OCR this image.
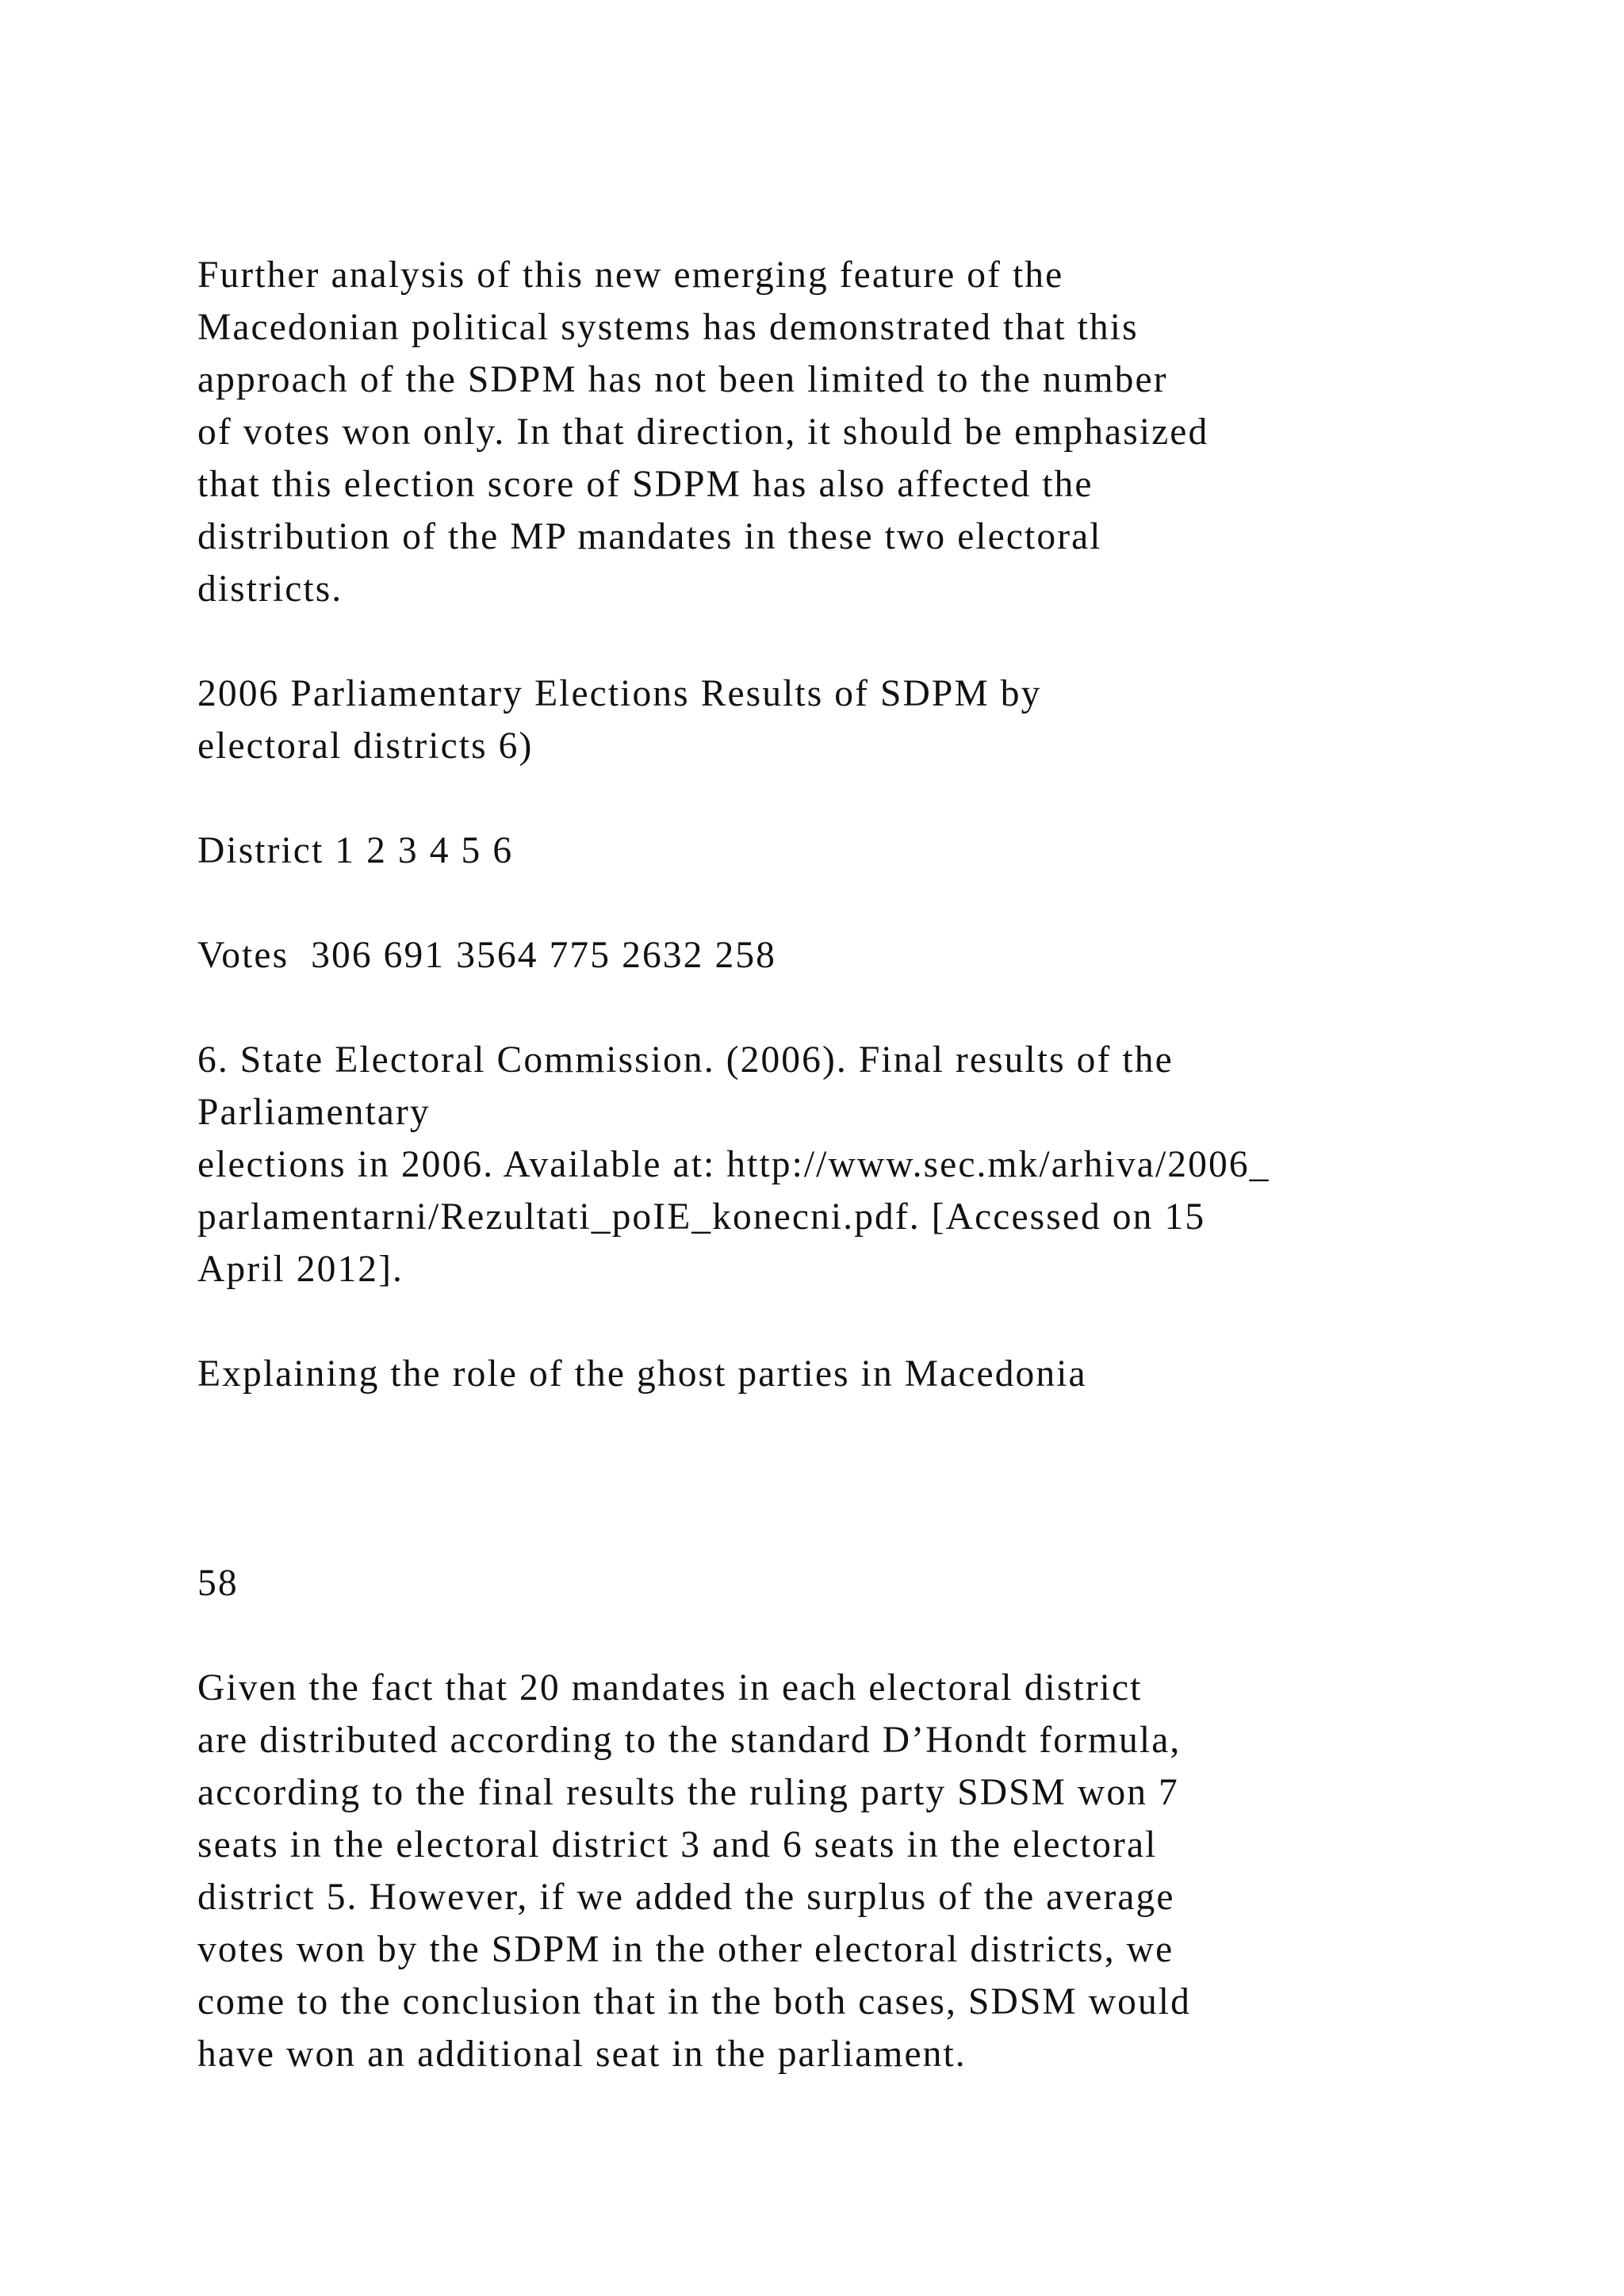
Further analysis of this new emerging feature of the

Macedonian political systems has demonstrated that this

approach of the SDPM has not been limited to the number

of votes won only. In that direction, it should be emphasized

that this election score of SDPM has also affected the

distribution of the MP mandates in these two electoral

districts.

2006 Parliamentary Elections Results of SDPM by

electoral districts 6)

District 1 2 3 4 5 6

Votes  306 691 3564 775 2632 258

6. State Electoral Commission. (2006). Final results of the

Parliamentary

elections in 2006. Available at: http://www.sec.mk/arhiva/2006_

parlamentarni/Rezultati_poIE_konecni.pdf. [Accessed on 15

April 2012].

Explaining the role of the ghost parties in Macedonia

58

Given the fact that 20 mandates in each electoral district

are distributed according to the standard D’Hondt formula,

according to the final results the ruling party SDSM won 7

seats in the electoral district 3 and 6 seats in the electoral

district 5. However, if we added the surplus of the average

votes won by the SDPM in the other electoral districts, we

come to the conclusion that in the both cases, SDSM would

have won an additional seat in the parliament.
